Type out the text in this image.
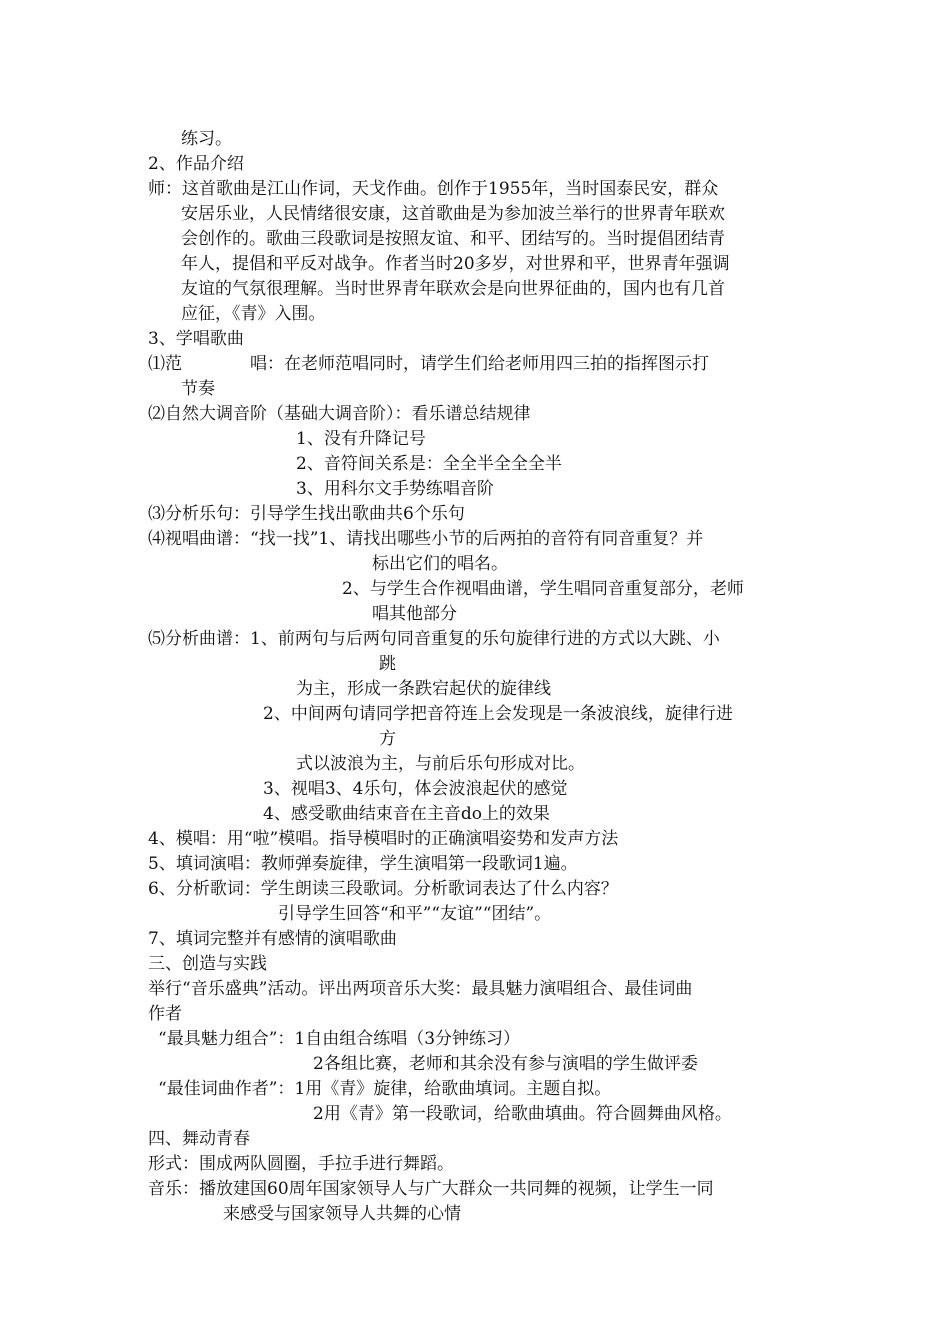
练习。
2、作品介绍
师：这首歌曲是江山作词，天戈作曲。创作于1955年，当时国泰民安，群众
安居乐业，人民情绪很安康，这首歌曲是为参加波兰举行的世界青年联欢
会创作的。歌曲三段歌词是按照友谊、和平、团结写的。当时提倡团结青
年人，提倡和平反对战争。作者当时20多岁，对世界和平，世界青年强调
友谊的气氛很理解。当时世界青年联欢会是向世界征曲的，国内也有几首
应征，《青》入围。
3、学唱歌曲
⑴范　　　　唱：在老师范唱同时，请学生们给老师用四三拍的指挥图示打
节奏
⑵自然大调音阶（基础大调音阶）：看乐谱总结规律
1、没有升降记号
2、音符间关系是：全全半全全全半
3、用科尔文手势练唱音阶
⑶分析乐句：引导学生找出歌曲共6个乐句
⑷视唱曲谱：“找一找”1、请找出哪些小节的后两拍的音符有同音重复？并
标出它们的唱名。
2、与学生合作视唱曲谱，学生唱同音重复部分，老师
唱其他部分
⑸分析曲谱：1、前两句与后两句同音重复的乐句旋律行进的方式以大跳、小
跳
为主，形成一条跌宕起伏的旋律线
2、中间两句请同学把音符连上会发现是一条波浪线，旋律行进
方
式以波浪为主，与前后乐句形成对比。
3、视唱3、4乐句，体会波浪起伏的感觉
4、感受歌曲结束音在主音do上的效果
4、模唱：用“啦”模唱。指导模唱时的正确演唱姿势和发声方法
5、填词演唱：教师弹奏旋律，学生演唱第一段歌词1遍。
6、分析歌词：学生朗读三段歌词。分析歌词表达了什么内容？
引导学生回答“和平”“友谊”“团结”。
7、填词完整并有感情的演唱歌曲
三、创造与实践
举行“音乐盛典”活动。评出两项音乐大奖：最具魅力演唱组合、最佳词曲
作者
“最具魅力组合”：1自由组合练唱（3分钟练习）
2各组比赛，老师和其余没有参与演唱的学生做评委
“最佳词曲作者”：1用《青》旋律，给歌曲填词。主题自拟。
2用《青》第一段歌词，给歌曲填曲。符合圆舞曲风格。
四、舞动青春
形式：围成两队圆圈，手拉手进行舞蹈。
音乐：播放建国60周年国家领导人与广大群众一共同舞的视频，让学生一同
来感受与国家领导人共舞的心情
